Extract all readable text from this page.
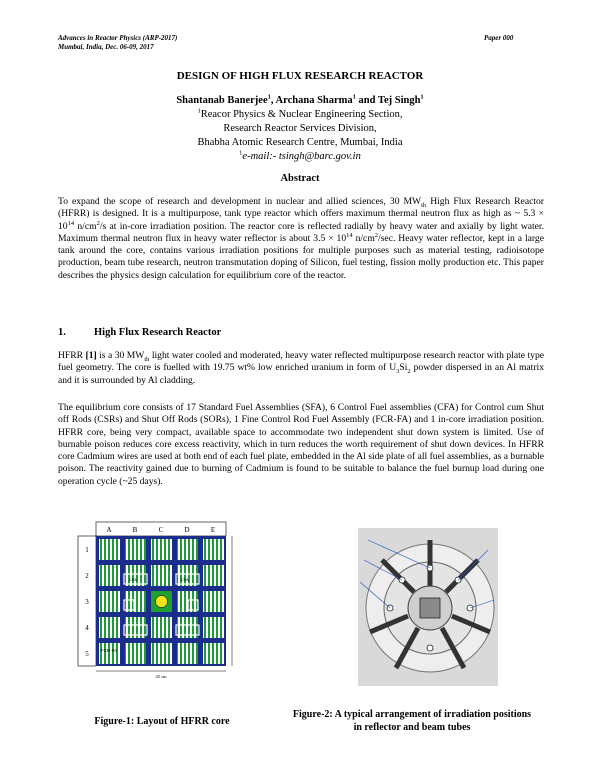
Advances in Reactor Physics (ARP-2017)
Mumbai, India, Dec. 06-09, 2017
Paper 000
DESIGN OF HIGH FLUX RESEARCH REACTOR
Shantanab Banerjee$^1$, Archana Sharma$^1$ and Tej Singh$^1$
$^1$Reacor Physics & Nuclear Engineering Section,
Research Reactor Services Division,
Bhabha Atomic Research Centre, Mumbai, India
$^1$e-mail:- tsingh@barc.gov.in
Abstract
To expand the scope of research and development in nuclear and allied sciences, 30 $MW_{th}$ High Flux Research Reactor (HFRR) is designed. It is a multipurpose, tank type reactor which offers maximum thermal neutron flux as high as ~ $5.3 \times 10^{14}$ $n/cm^2/s$ at in-core irradiation position. The reactor core is reflected radially by heavy water and axially by light water. Maximum thermal neutron flux in heavy water reflector is about $3.5 \times 10^{14}$ $n/cm^2/\sec$. Heavy water reflector, kept in a large tank around the core, contains various irradiation positions for multiple purposes such as material testing, radioisotope production, beam tube research, neutron transmutation doping of Silicon, fuel testing, fission molly production etc. This paper describes the physics design calculation for equilibrium core of the reactor.
1.	High Flux Research Reactor
HFRR [1] is a 30 $MW_{th}$ light water cooled and moderated, heavy water reflected multipurpose research reactor with plate type fuel geometry. The core is fuelled with 19.75 wt% low enriched uranium in form of $U_3Si_2$ powder dispersed in an Al matrix and it is surrounded by Al cladding.
The equilibrium core consists of 17 Standard Fuel Assemblies (SFA), 6 Control Fuel assemblies (CFA) for Control cum Shut off Rods (CSRs) and Shut Off Rods (SORs), 1 Fine Control Rod Fuel Assembly (FCR-FA) and 1 in-core irradiation position. HFRR core, being very compact, available space to accommodate two independent shut down system is limited. Use of burnable poison reduces core excess reactivity, which in turn reduces the worth requirement of shut down devices. In HFRR core Cadmium wires are used at both end of each fuel plate, embedded in the Al side plate of all fuel assemblies, as a burnable poison. The reactivity gained due to burning of Cadmium is found to be suitable to balance the fuel burnup load during one operation cycle (~25 days).
A	B	C	D	E
1
2
3
4
5
CFA	CFA
FCR-FA
45 cm
Figure-1: Layout of HFRR core
Figure-2: A typical arrangement of irradiation positions
in reflector and beam tubes
